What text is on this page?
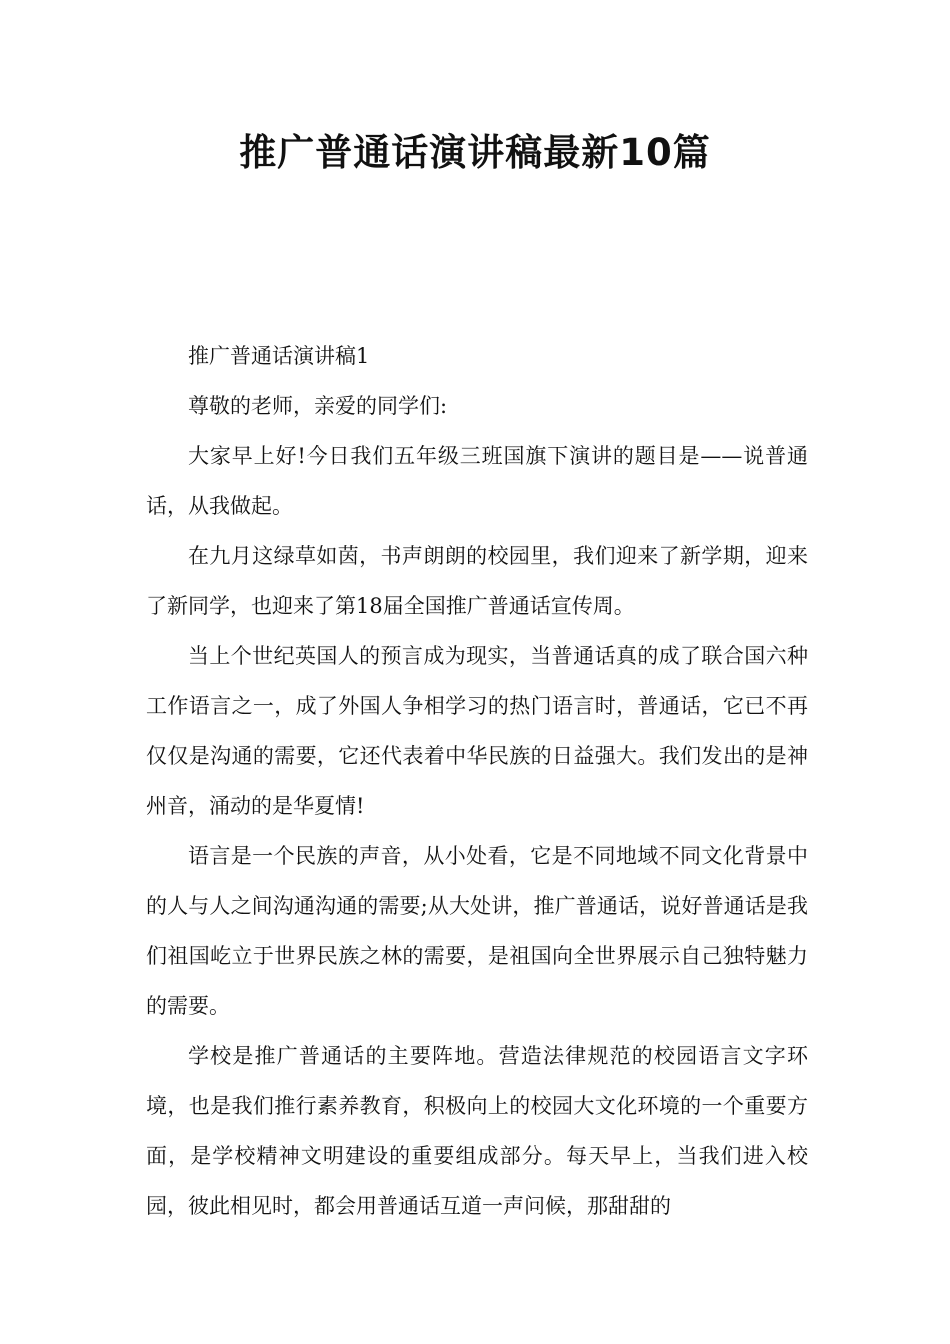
推广普通话演讲稿最新10篇

推广普通话演讲稿1

尊敬的老师，亲爱的同学们:

大家早上好!今日我们五年级三班国旗下演讲的题目是——说普通话，从我做起。

在九月这绿草如茵，书声朗朗的校园里，我们迎来了新学期，迎来了新同学，也迎来了第18届全国推广普通话宣传周。

当上个世纪英国人的预言成为现实，当普通话真的成了联合国六种工作语言之一，成了外国人争相学习的热门语言时，普通话，它已不再仅仅是沟通的需要，它还代表着中华民族的日益强大。我们发出的是神州音，涌动的是华夏情!

语言是一个民族的声音，从小处看，它是不同地域不同文化背景中的人与人之间沟通沟通的需要;从大处讲，推广普通话，说好普通话是我们祖国屹立于世界民族之林的需要，是祖国向全世界展示自己独特魅力的需要。

学校是推广普通话的主要阵地。营造法律规范的校园语言文字环境，也是我们推行素养教育，积极向上的校园大文化环境的一个重要方面，是学校精神文明建设的重要组成部分。每天早上，当我们进入校园，彼此相见时，都会用普通话互道一声问候，那甜甜的
